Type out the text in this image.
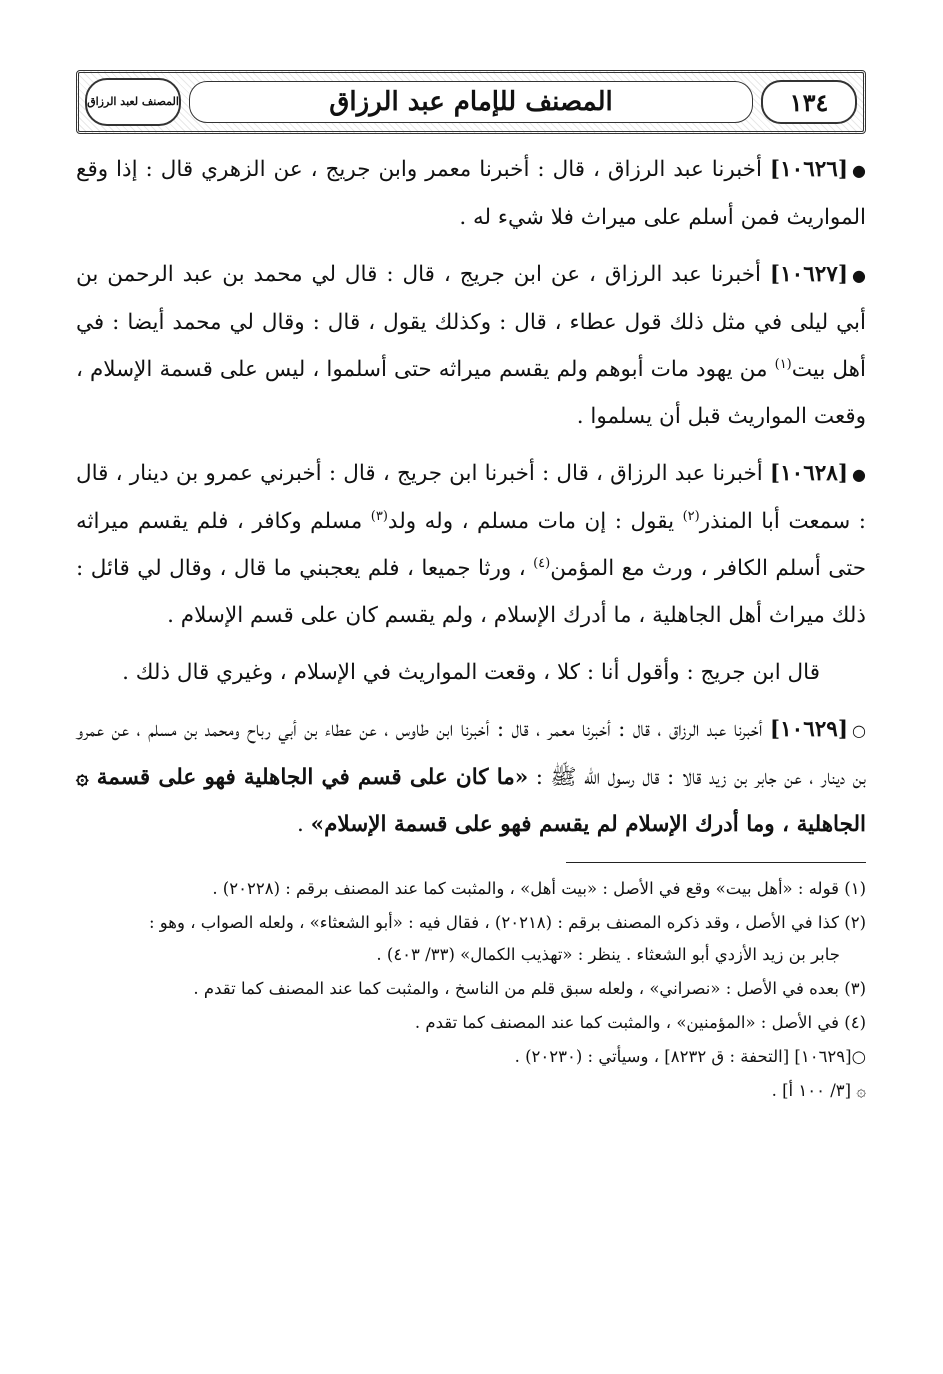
المصنف للإمام عبد الرزاق	١٣٤
المصنف لعبد الرزاق

●[١٠٦٢٦] أخبرنا عبد الرزاق ، قال : أخبرنا معمر وابن جريج ، عن الزهري قال : إذا وقع المواريث فمن أسلم على ميراث فلا شيء له .

●[١٠٦٢٧] أخبرنا عبد الرزاق ، عن ابن جريج ، قال : قال لي محمد بن عبد الرحمن بن أبي ليلى في مثل ذلك قول عطاء ، قال : وكذلك يقول ، قال : وقال لي محمد أيضا : في أهل بيت$^{(١)}$ من يهود مات أبوهم ولم يقسم ميراثه حتى أسلموا ، ليس على قسمة الإسلام ، وقعت المواريث قبل أن يسلموا .

●[١٠٦٢٨] أخبرنا عبد الرزاق ، قال : أخبرنا ابن جريج ، قال : أخبرني عمرو بن دينار ، قال : سمعت أبا المنذر$^{(٢)}$ يقول : إن مات مسلم ، وله ولد$^{(٣)}$ مسلم وكافر ، فلم يقسم ميراثه حتى أسلم الكافر ، ورث مع المؤمن$^{(٤)}$ ، ورثا جميعا ، فلم يعجبني ما قال ، وقال لي قائل : ذلك ميراث أهل الجاهلية ، ما أدرك الإسلام ، ولم يقسم كان على قسم الإسلام .

قال ابن جريج : وأقول أنا : كلا ، وقعت المواريث في الإسلام ، وغيري قال ذلك .

○[١٠٦٢٩] أخبرنا عبد الرزاق ، قال : أخبرنا معمر ، قال : أخبرنا ابن طاوس ، عن عطاء بن أبي رباح ومحمد بن مسلم ، عن عمرو بن دينار ، عن جابر بن زيد قالا : قال رسول الله ﷺ : «ما كان على قسم في الجاهلية فهو على قسمة ۞ الجاهلية ، وما أدرك الإسلام لم يقسم فهو على قسمة الإسلام» .

(١) قوله : «أهل بيت» وقع في الأصل : «بيت أهل» ، والمثبت كما عند المصنف برقم : (٢٠٢٢٨) .

(٢) كذا في الأصل ، وقد ذكره المصنف برقم : (٢٠٢١٨) ، فقال فيه : «أبو الشعثاء» ، ولعله الصواب ، وهو :
جابر بن زيد الأزدي أبو الشعثاء . ينظر : «تهذيب الكمال» (٣٣/ ٤٠٣) .

(٣) بعده في الأصل : «نصراني» ، ولعله سبق قلم من الناسخ ، والمثبت كما عند المصنف كما تقدم .

(٤) في الأصل : «المؤمنين» ، والمثبت كما عند المصنف كما تقدم .

○[١٠٦٢٩] [التحفة : ق ٨٢٣٢] ، وسيأتي : (٢٠٢٣٠) .

۞ [٣/ ١٠٠ أ] .
